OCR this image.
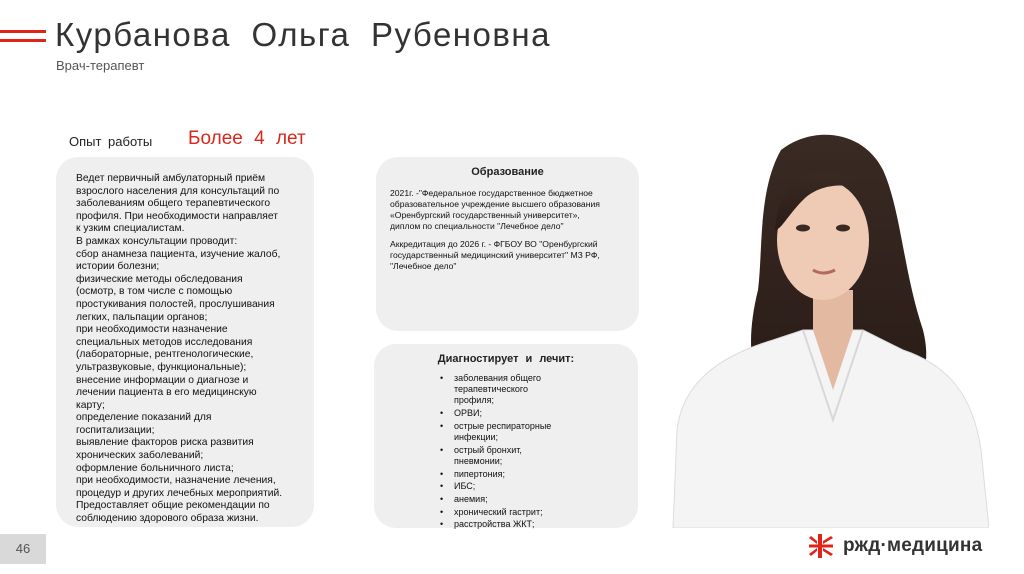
Курбанова Ольга Рубеновна
Врач-терапевт
Опыт работы Более 4 лет
Ведет первичный амбулаторный приём
взрослого населения для консультаций по
заболеваниям общего терапевтического
профиля. При необходимости направляет
к узким специалистам.
В рамках консультации проводит:
сбор анамнеза пациента, изучение жалоб,
истории болезни;
физические методы обследования
(осмотр, в том числе с помощью
простукивания полостей, прослушивания
легких, пальпации органов;
при необходимости назначение
специальных методов исследования
(лабораторные, рентгенологические,
ультразвуковые, функциональные);
внесение информации о диагнозе и
лечении пациента в его медицинскую
карту;
определение показаний для
госпитализации;
выявление факторов риска развития
хронических заболеваний;
оформление больничного листа;
при необходимости, назначение лечения,
процедур и других лечебных мероприятий.
Предоставляет общие рекомендации по
соблюдению здорового образа жизни.
Образование

2021г. -"Федеральное государственное бюджетное
образовательное учреждение высшего образования
«Оренбургский государственный университет»,
диплом по специальности "Лечебное дело"

Аккредитация до 2026 г. - ФГБОУ ВО "Оренбургский
государственный медицинский университет" МЗ РФ,
"Лечебное дело"

Диагностирует и лечит:
• заболевания общего терапевтического профиля;
• ОРВИ;
• острые респираторные инфекции;
• острый бронхит, пневмонии;
• пипертония;
• ИБС;
• анемия;
• хронический гастрит;
• расстройства ЖКТ;
46	ржд·медицина
